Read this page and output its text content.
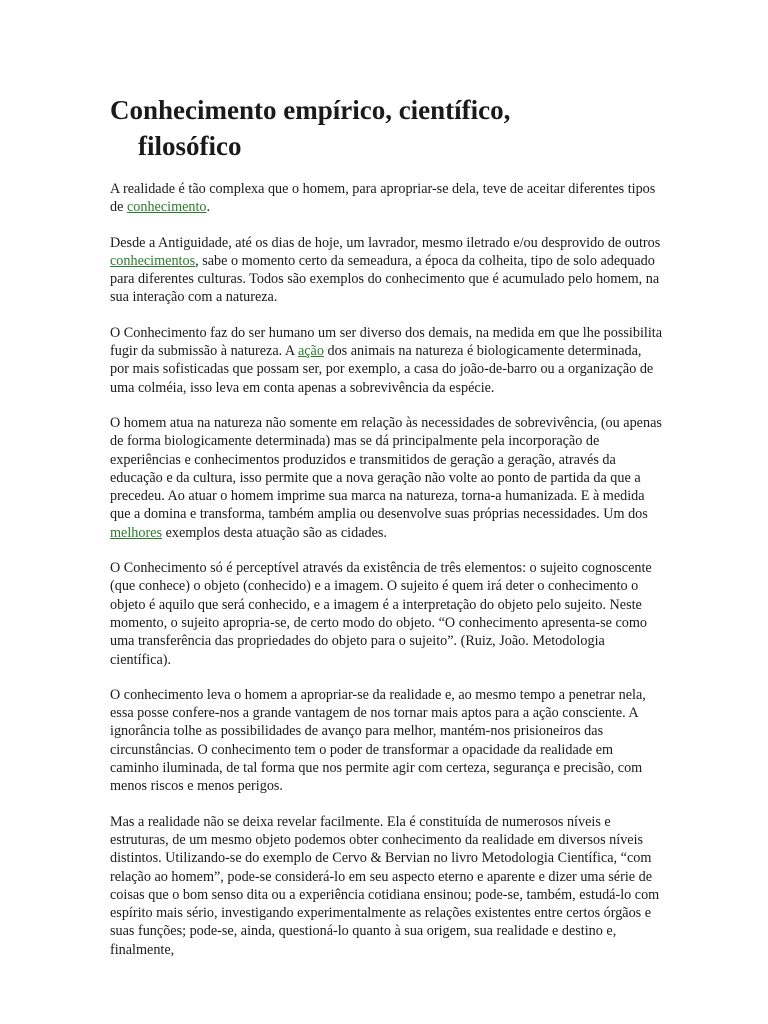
Conhecimento empírico, científico,
filosófico

A realidade é tão complexa que o homem, para apropriar-se dela, teve de aceitar diferentes tipos de conhecimento.

Desde a Antiguidade, até os dias de hoje, um lavrador, mesmo iletrado e/ou desprovido de outros conhecimentos, sabe o momento certo da semeadura, a época da colheita, tipo de solo adequado para diferentes culturas. Todos são exemplos do conhecimento que é acumulado pelo homem, na sua interação com a natureza.

O Conhecimento faz do ser humano um ser diverso dos demais, na medida em que lhe possibilita fugir da submissão à natureza. A ação dos animais na natureza é biologicamente determinada, por mais sofisticadas que possam ser, por exemplo, a casa do joão-de-barro ou a organização de uma colméia, isso leva em conta apenas a sobrevivência da espécie.

O homem atua na natureza não somente em relação às necessidades de sobrevivência, (ou apenas de forma biologicamente determinada) mas se dá principalmente pela incorporação de experiências e conhecimentos produzidos e transmitidos de geração a geração, através da educação e da cultura, isso permite que a nova geração não volte ao ponto de partida da que a precedeu. Ao atuar o homem imprime sua marca na natureza, torna-a humanizada. E à medida que a domina e transforma, também amplia ou desenvolve suas próprias necessidades. Um dos melhores exemplos desta atuação são as cidades.

O Conhecimento só é perceptível através da existência de três elementos: o sujeito cognoscente (que conhece) o objeto (conhecido) e a imagem. O sujeito é quem irá deter o conhecimento o objeto é aquilo que será conhecido, e a imagem é a interpretação do objeto pelo sujeito. Neste momento, o sujeito apropria-se, de certo modo do objeto. “O conhecimento apresenta-se como uma transferência das propriedades do objeto para o sujeito”. (Ruiz, João. Metodologia científica).

O conhecimento leva o homem a apropriar-se da realidade e, ao mesmo tempo a penetrar nela, essa posse confere-nos a grande vantagem de nos tornar mais aptos para a ação consciente. A ignorância tolhe as possibilidades de avanço para melhor, mantém-nos prisioneiros das circunstâncias. O conhecimento tem o poder de transformar a opacidade da realidade em caminho iluminada, de tal forma que nos permite agir com certeza, segurança e precisão, com menos riscos e menos perigos.

Mas a realidade não se deixa revelar facilmente. Ela é constituída de numerosos níveis e estruturas, de um mesmo objeto podemos obter conhecimento da realidade em diversos níveis distintos. Utilizando-se do exemplo de Cervo & Bervian no livro Metodologia Científica, “com relação ao homem”, pode-se considerá-lo em seu aspecto eterno e aparente e dizer uma série de coisas que o bom senso dita ou a experiência cotidiana ensinou; pode-se, também, estudá-lo com espírito mais sério, investigando experimentalmente as relações existentes entre certos órgãos e suas funções; pode-se, ainda, questioná-lo quanto à sua origem, sua realidade e destino e, finalmente,
